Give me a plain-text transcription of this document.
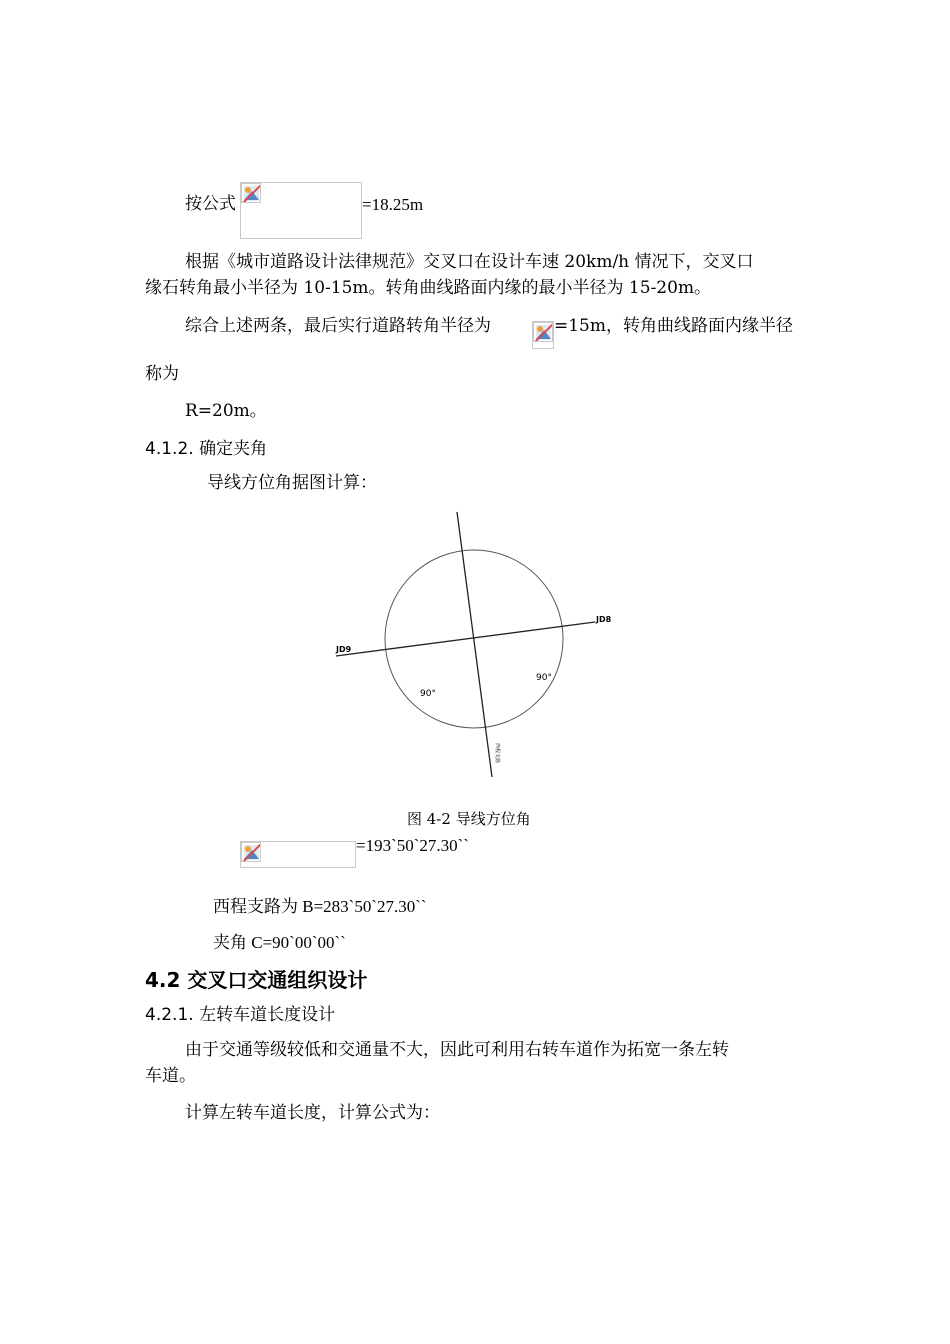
按公式	=18.25m
根据《城市道路设计法律规范》交叉口在设计车速 20km/h 情况下，交叉口
缘石转角最小半径为 10-15m。转角曲线路面内缘的最小半径为 15-20m。
综合上述两条，最后实行道路转角半径为	=15m，转角曲线路面内缘半径
称为
R=20m。
4.1.2. 确定夹角
导线方位角据图计算：
JD9
JD8
90°
90°
西程支路
图 4-2 导线方位角
=193`50`27.30``
西程支路为 B=283`50`27.30``
夹角 C=90`00`00``
4.2 交叉口交通组织设计
4.2.1. 左转车道长度设计
由于交通等级较低和交通量不大，因此可利用右转车道作为拓宽一条左转
车道。
计算左转车道长度，计算公式为：
